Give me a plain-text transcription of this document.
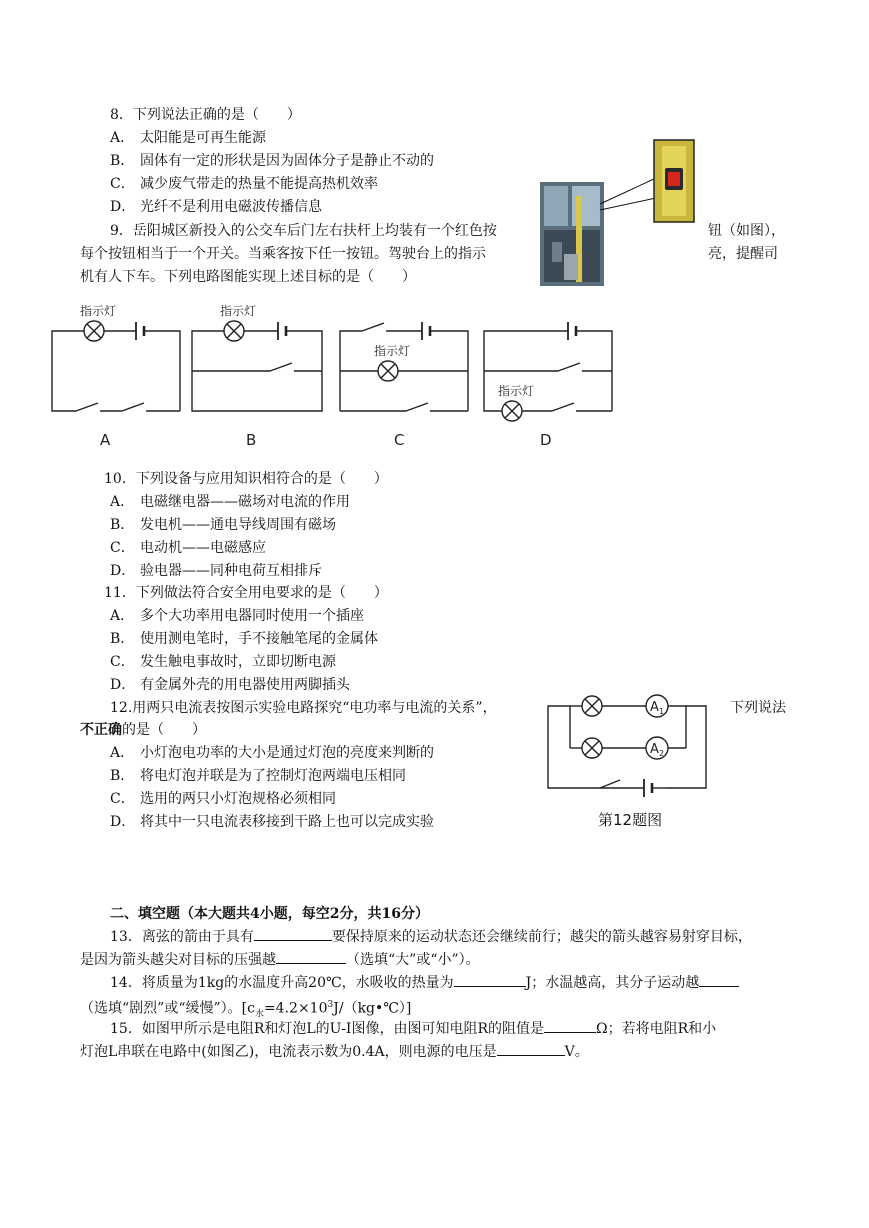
8．下列说法正确的是（　　）
A． 太阳能是可再生能源
B． 固体有一定的形状是因为固体分子是静止不动的
C． 减少废气带走的热量不能提高热机效率
D． 光纤不是利用电磁波传播信息
9．岳阳城区新投入的公交车后门左右扶杆上均装有一个红色按	钮（如图），
每个按钮相当于一个开关。当乘客按下任一按钮。驾驶台上的指示	亮，提醒司
机有人下车。下列电路图能实现上述目标的是（　　）
指示灯	指示灯
指示灯
指示灯
A	B	C	D
10．下列设备与应用知识相符合的是（　　）
A． 电磁继电器——磁场对电流的作用
B． 发电机——通电导线周围有磁场
C． 电动机——电磁感应
D． 验电器——同种电荷互相排斥
11．下列做法符合安全用电要求的是（　　）
A． 多个大功率用电器同时使用一个插座
B． 使用测电笔时，手不接触笔尾的金属体
C． 发生触电事故时，立即切断电源
D． 有金属外壳的用电器使用两脚插头
12.用两只电流表按图示实验电路探究“电功率与电流的关系”，	下列说法
不正确的是（　　）
A． 小灯泡电功率的大小是通过灯泡的亮度来判断的
B． 将电灯泡并联是为了控制灯泡两端电压相同
C． 选用的两只小灯泡规格必须相同
D． 将其中一只电流表移接到干路上也可以完成实验
A 1
A 2
第12题图
二、填空题（本大题共4小题，每空2分，共16分）
13．离弦的箭由于具有	要保持原来的运动状态还会继续前行；越尖的箭头越容易射穿目标，
是因为箭头越尖对目标的压强越	（选填“大”或“小”）。
14．将质量为1kg的水温度升高20℃，水吸收的热量为	J；水温越高，其分子运动越
（选填“剧烈”或“缓慢”）。$[c_水=4.2\times 10^3J/(kg•℃)]$
15．如图甲所示是电阻R和灯泡L的U-I图像，由图可知电阻R的阻值是	Ω；若将电阻R和小
灯泡L串联在电路中(如图乙)，电流表示数为0.4A，则电源的电压是	V。
